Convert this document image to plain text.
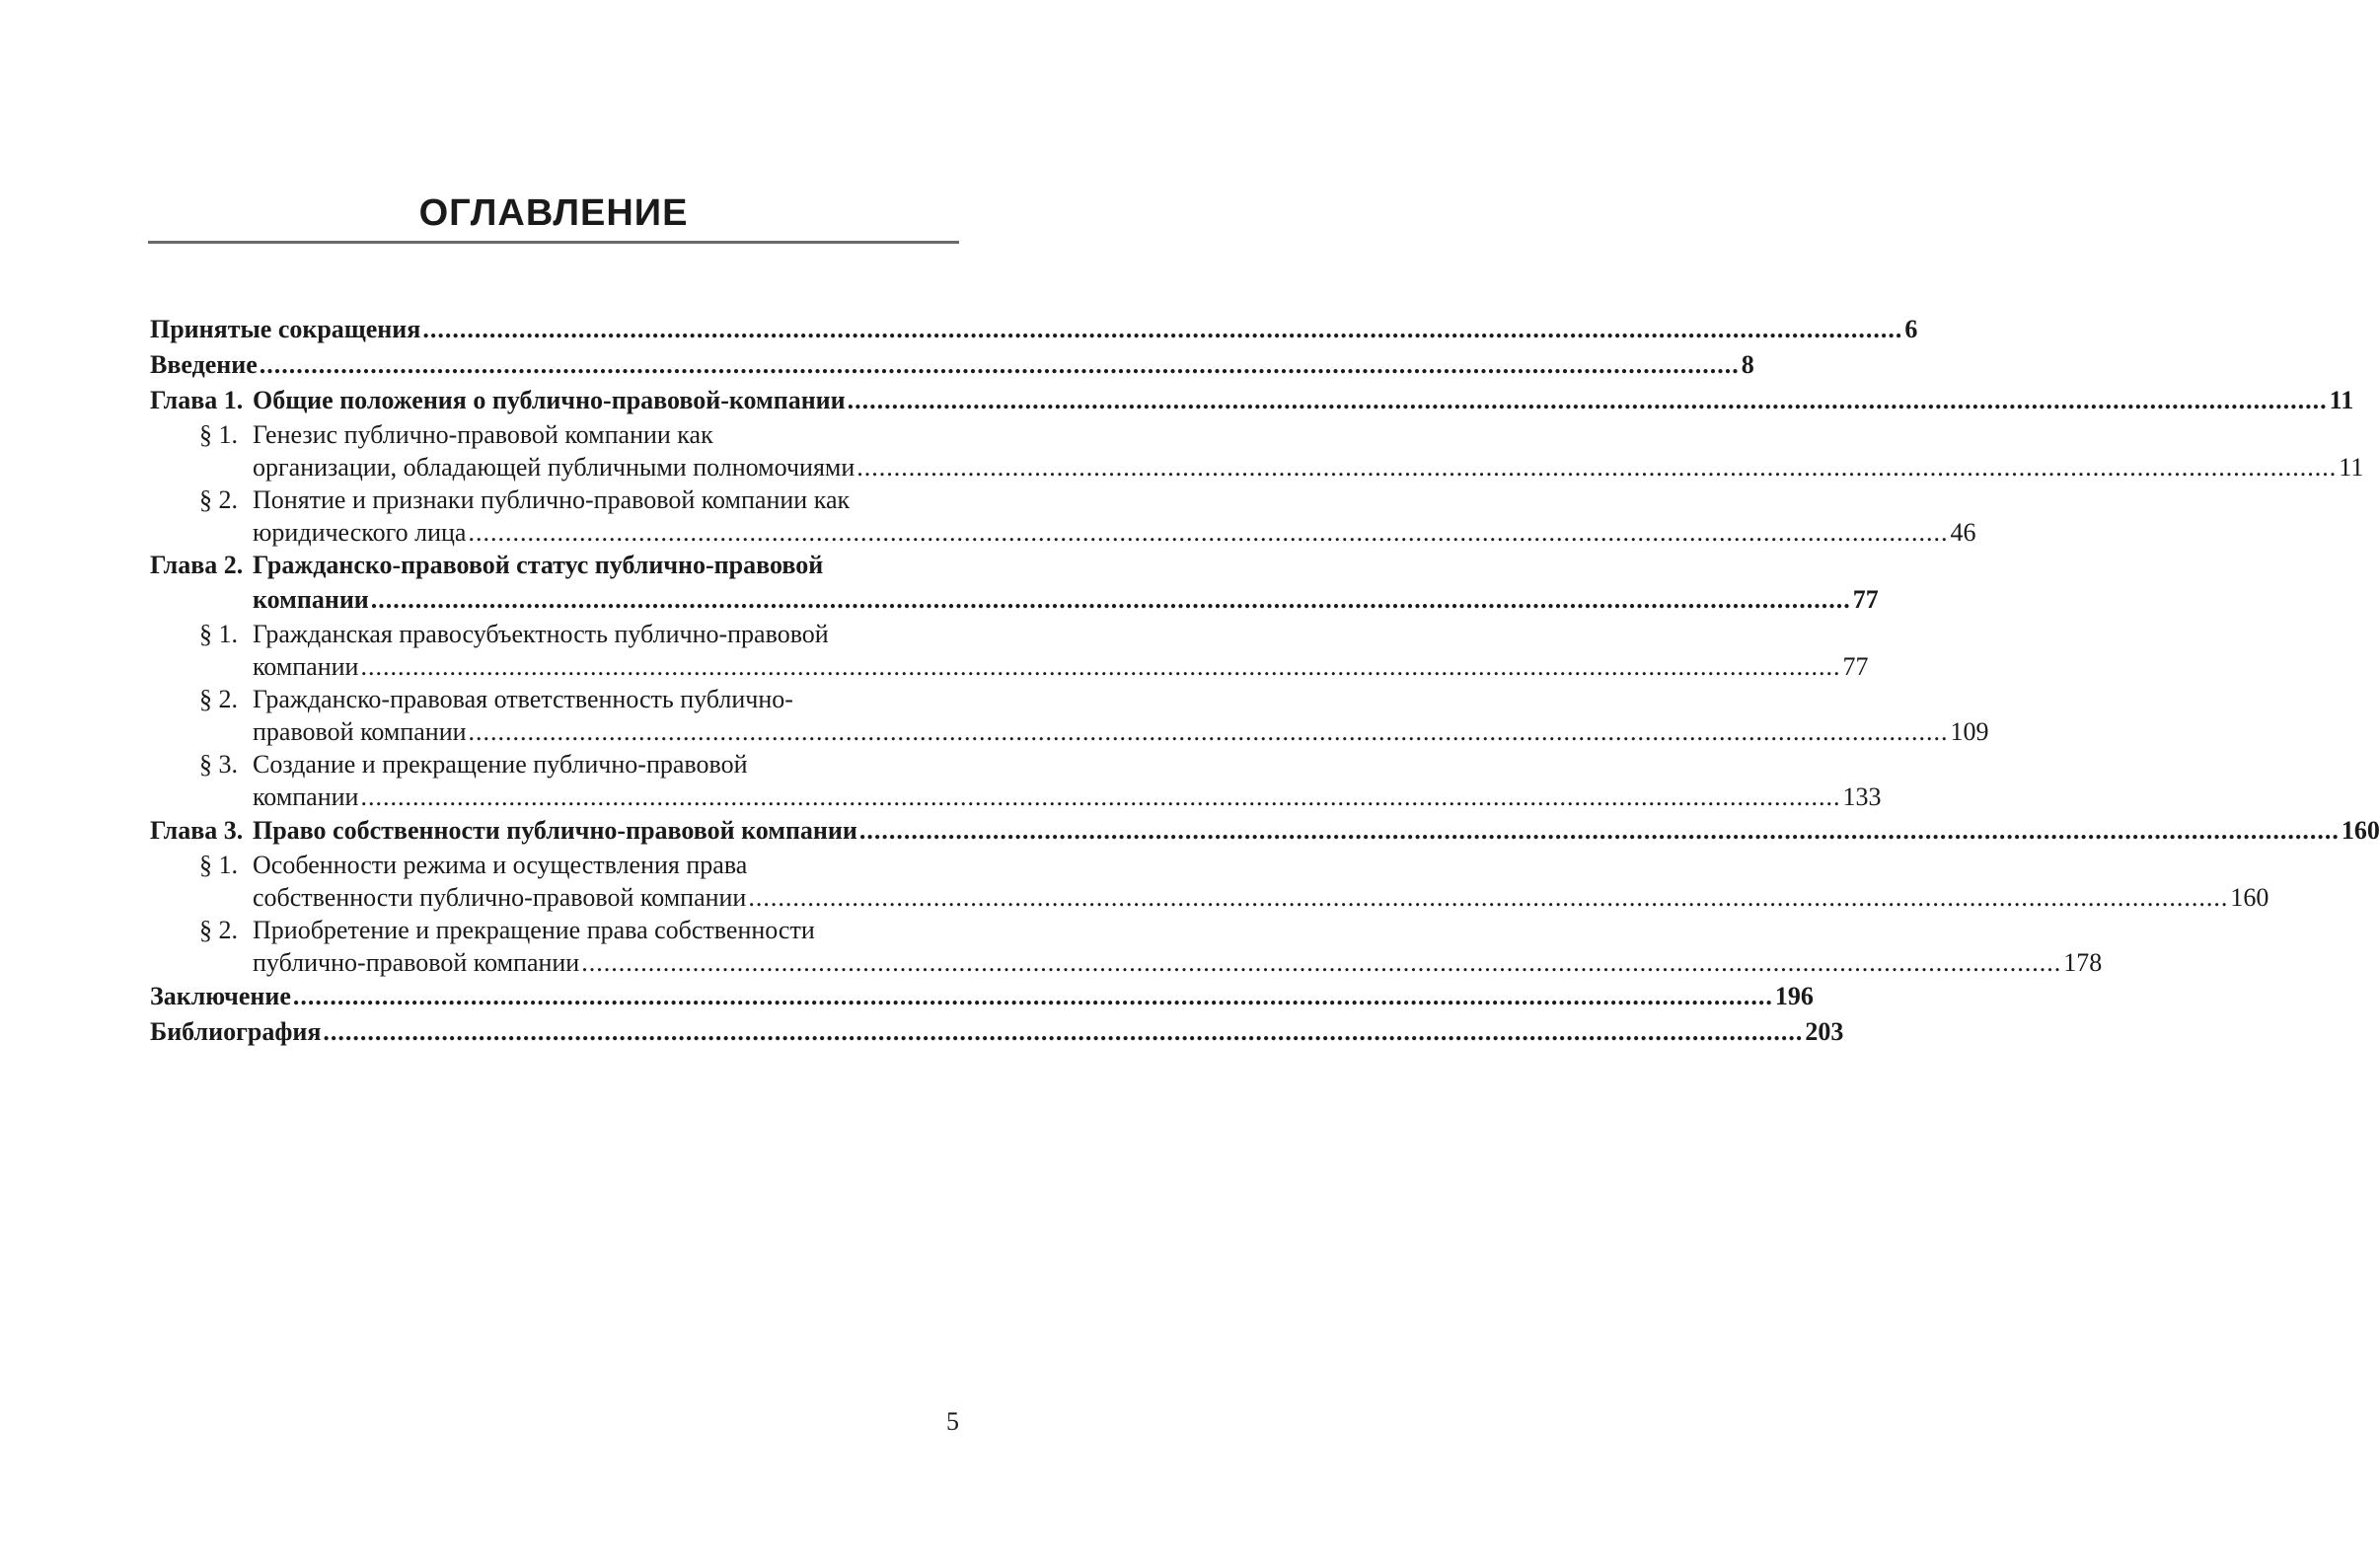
ОГЛАВЛЕНИЕ
Принятые сокращения ........................................................................................................................................................................................................ 6
Введение ........................................................................................................................................................................................................ 8
Глава 1. Общие положения о публично-правовой-компании ........................................................................................................................................................................................................ 11
§ 1. Генезис публично-правовой компании как
организации, обладающей публичными полномочиями ........................................................................................................................................................................................................ 11
§ 2. Понятие и признаки публично-правовой компании как
юридического лица ........................................................................................................................................................................................................ 46
Глава 2. Гражданско-правовой статус публично-правовой
компании ........................................................................................................................................................................................................ 77
§ 1. Гражданская правосубъектность публично-правовой
компании ........................................................................................................................................................................................................ 77
§ 2. Гражданско-правовая ответственность публично-
правовой компании ........................................................................................................................................................................................................ 109
§ 3. Создание и прекращение публично-правовой
компании ........................................................................................................................................................................................................ 133
Глава 3. Право собственности публично-правовой компании ........................................................................................................................................................................................................ 160
§ 1. Особенности режима и осуществления права
собственности публично-правовой компании ........................................................................................................................................................................................................ 160
§ 2. Приобретение и прекращение права собственности
публично-правовой компании ........................................................................................................................................................................................................ 178
Заключение ........................................................................................................................................................................................................ 196
Библиография ........................................................................................................................................................................................................ 203
5
